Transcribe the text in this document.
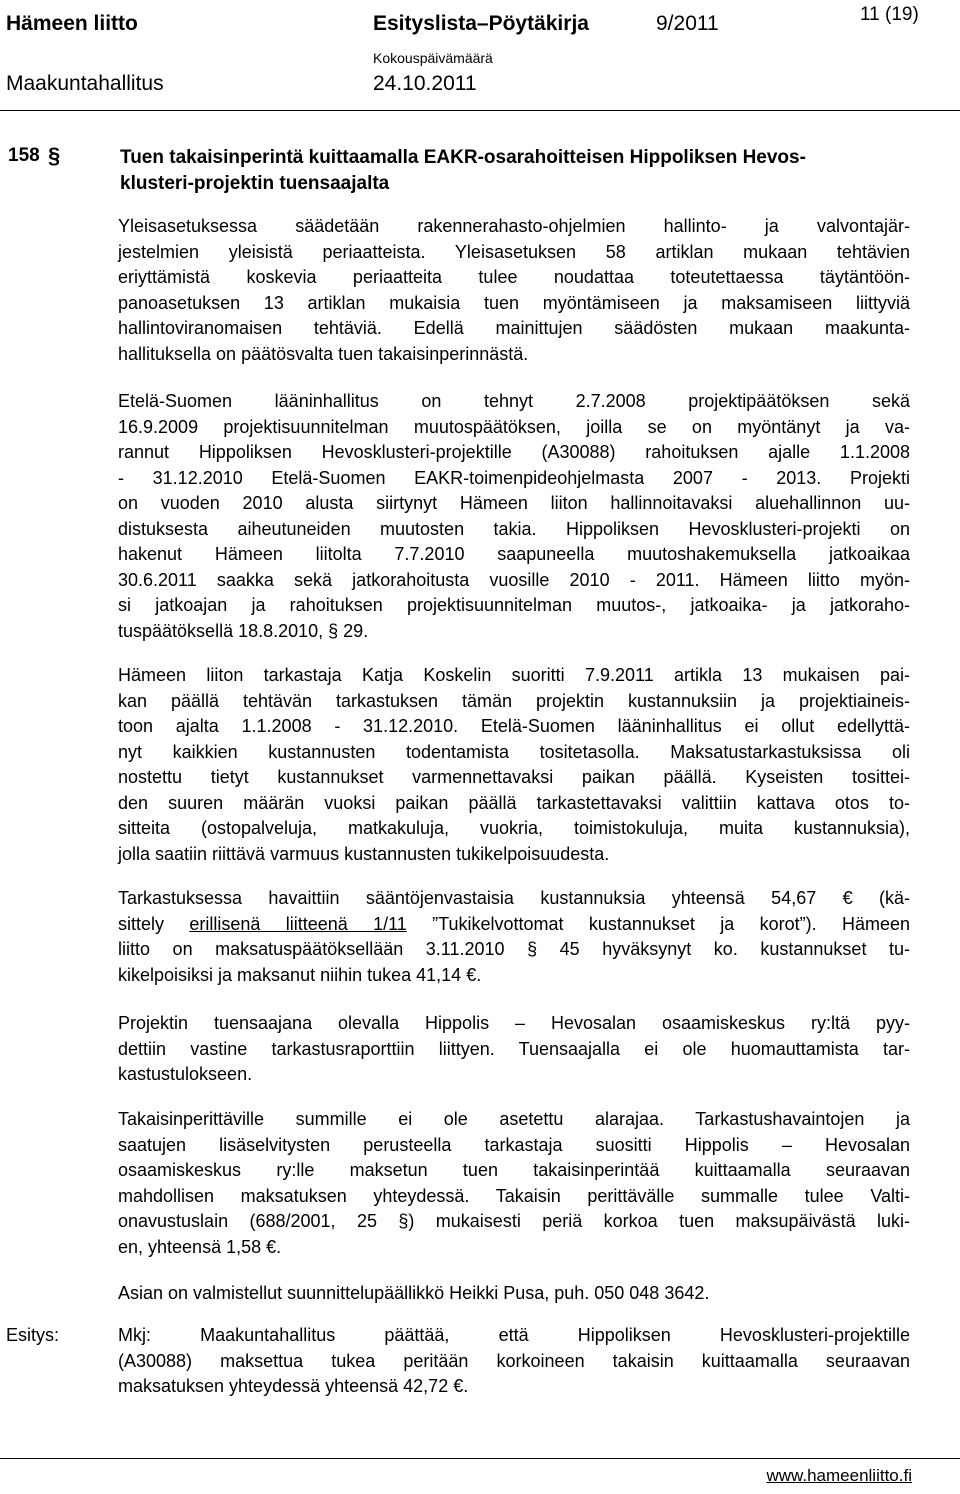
Hämeen liitto	Esityslista–Pöytäkirja	9/2011	11 (19)
Kokouspäivämäärä
Maakuntahallitus	24.10.2011
158 §	Tuen takaisinperintä kuittaamalla EAKR-osarahoitteisen Hippoliksen Hevos-
klusteri-projektin tuensaajalta
Yleisasetuksessa säädetään rakennerahasto-ohjelmien hallinto- ja valvontajär-
jestelmien yleisistä periaatteista. Yleisasetuksen 58 artiklan mukaan tehtävien
eriyttämistä koskevia periaatteita tulee noudattaa toteutettaessa täytäntöön-
panoasetuksen 13 artiklan mukaisia tuen myöntämiseen ja maksamiseen liittyviä
hallintoviranomaisen tehtäviä. Edellä mainittujen säädösten mukaan maakunta-
hallituksella on päätösvalta tuen takaisinperinnästä.
Etelä-Suomen lääninhallitus on tehnyt 2.7.2008 projektipäätöksen sekä
16.9.2009 projektisuunnitelman muutospäätöksen, joilla se on myöntänyt ja va-
rannut Hippoliksen Hevosklusteri-projektille (A30088) rahoituksen ajalle 1.1.2008
- 31.12.2010 Etelä-Suomen EAKR-toimenpideohjelmasta 2007 - 2013. Projekti
on vuoden 2010 alusta siirtynyt Hämeen liiton hallinnoitavaksi aluehallinnon uu-
distuksesta aiheutuneiden muutosten takia. Hippoliksen Hevosklusteri-projekti on
hakenut Hämeen liitolta 7.7.2010 saapuneella muutoshakemuksella jatkoaikaa
30.6.2011 saakka sekä jatkorahoitusta vuosille 2010 - 2011. Hämeen liitto myön-
si jatkoajan ja rahoituksen projektisuunnitelman muutos-, jatkoaika- ja jatkoraho-
tuspäätöksellä 18.8.2010, § 29.
Hämeen liiton tarkastaja Katja Koskelin suoritti 7.9.2011 artikla 13 mukaisen pai-
kan päällä tehtävän tarkastuksen tämän projektin kustannuksiin ja projektiaineis-
toon ajalta 1.1.2008 - 31.12.2010. Etelä-Suomen lääninhallitus ei ollut edellyttä-
nyt kaikkien kustannusten todentamista tositetasolla. Maksatustarkastuksissa oli
nostettu tietyt kustannukset varmennettavaksi paikan päällä. Kyseisten tosittei-
den suuren määrän vuoksi paikan päällä tarkastettavaksi valittiin kattava otos to-
sitteita (ostopalveluja, matkakuluja, vuokria, toimistokuluja, muita kustannuksia),
jolla saatiin riittävä varmuus kustannusten tukikelpoisuudesta.
Tarkastuksessa havaittiin sääntöjenvastaisia kustannuksia yhteensä 54,67 € (kä-
sittely erillisenä liitteenä 1/11 ”Tukikelvottomat kustannukset ja korot”). Hämeen
liitto on maksatuspäätöksellään 3.11.2010 § 45 hyväksynyt ko. kustannukset tu-
kikelpoisiksi ja maksanut niihin tukea 41,14 €.
Projektin tuensaajana olevalla Hippolis – Hevosalan osaamiskeskus ry:ltä pyy-
dettiin vastine tarkastusraporttiin liittyen. Tuensaajalla ei ole huomauttamista tar-
kastustulokseen.
Takaisinperittäville summille ei ole asetettu alarajaa. Tarkastushavaintojen ja
saatujen lisäselvitysten perusteella tarkastaja suositti Hippolis – Hevosalan
osaamiskeskus ry:lle maksetun tuen takaisinperintää kuittaamalla seuraavan
mahdollisen maksatuksen yhteydessä. Takaisin perittävälle summalle tulee Valti-
onavustuslain (688/2001, 25 §) mukaisesti periä korkoa tuen maksupäivästä luki-
en, yhteensä 1,58 €.
Asian on valmistellut suunnittelupäällikkö Heikki Pusa, puh. 050 048 3642.
Esitys:	Mkj: Maakuntahallitus päättää, että Hippoliksen Hevosklusteri-projektille
(A30088) maksettua tukea peritään korkoineen takaisin kuittaamalla seuraavan
maksatuksen yhteydessä yhteensä 42,72 €.
www.hameenliitto.fi
